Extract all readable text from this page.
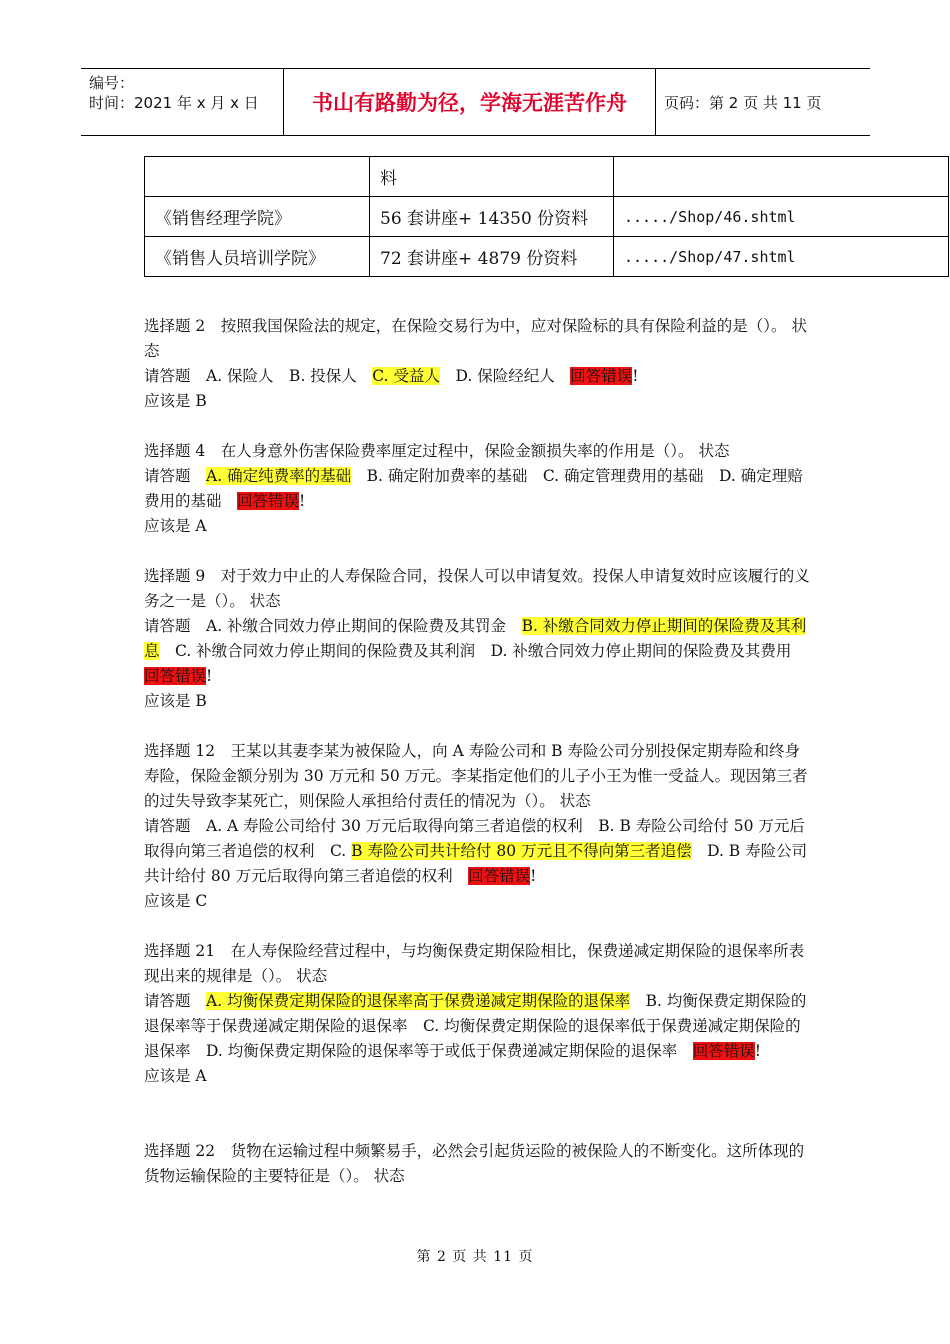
编号：
时间：2021 年 x 月 x 日	书山有路勤为径，学海无涯苦作舟	页码：第 2 页 共 11 页
	料	
《销售经理学院》	56 套讲座+ 14350 份资料	...../Shop/46.shtml
《销售人员培训学院》	72 套讲座+ 4879 份资料	...../Shop/47.shtml

选择题 2　按照我国保险法的规定，在保险交易行为中，应对保险标的具有保险利益的是（）。 状态

请答题　A. 保险人　B. 投保人　C. 受益人　D. 保险经纪人　回答错误!

应该是 B

选择题 4　在人身意外伤害保险费率厘定过程中，保险金额损失率的作用是（）。 状态

请答题　A. 确定纯费率的基础　B. 确定附加费率的基础　C. 确定管理费用的基础　D. 确定理赔费用的基础　回答错误!

应该是 A

选择题 9　对于效力中止的人寿保险合同，投保人可以申请复效。投保人申请复效时应该履行的义务之一是（）。 状态

请答题　A. 补缴合同效力停止期间的保险费及其罚金　B. 补缴合同效力停止期间的保险费及其利息　C. 补缴合同效力停止期间的保险费及其利润　D. 补缴合同效力停止期间的保险费及其费用　回答错误!

应该是 B

选择题 12　王某以其妻李某为被保险人，向 A 寿险公司和 B 寿险公司分别投保定期寿险和终身寿险，保险金额分别为 30 万元和 50 万元。李某指定他们的儿子小王为惟一受益人。现因第三者的过失导致李某死亡，则保险人承担给付责任的情况为（）。 状态

请答题　A. A 寿险公司给付 30 万元后取得向第三者追偿的权利　B. B 寿险公司给付 50 万元后取得向第三者追偿的权利　C. B 寿险公司共计给付 80 万元且不得向第三者追偿　D. B 寿险公司共计给付 80 万元后取得向第三者追偿的权利　回答错误!

应该是 C

选择题 21　在人寿保险经营过程中，与均衡保费定期保险相比，保费递减定期保险的退保率所表现出来的规律是（）。 状态

请答题　A. 均衡保费定期保险的退保率高于保费递减定期保险的退保率　B. 均衡保费定期保险的退保率等于保费递减定期保险的退保率　C. 均衡保费定期保险的退保率低于保费递减定期保险的退保率　D. 均衡保费定期保险的退保率等于或低于保费递减定期保险的退保率　回答错误!

应该是 A

选择题 22　货物在运输过程中频繁易手，必然会引起货运险的被保险人的不断变化。这所体现的货物运输保险的主要特征是（）。 状态

第 2 页 共 11 页
